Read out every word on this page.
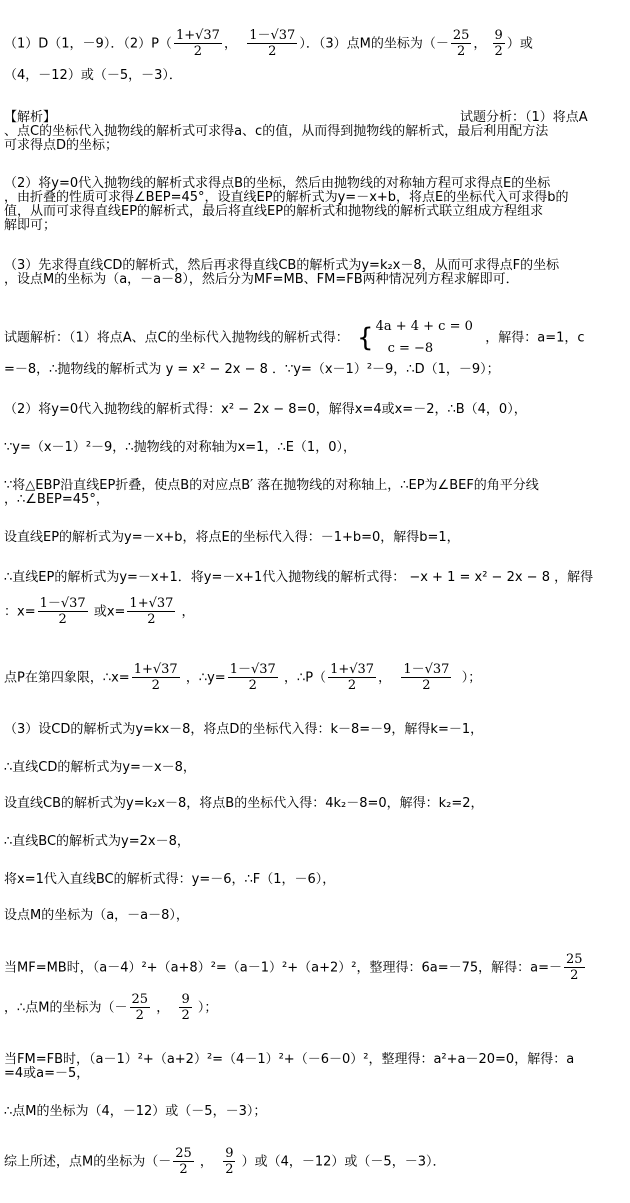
（1）D（1，－9）．$(2)P( \frac{1+√37}{2}$ ， $\frac{1-√37}{2}$ ）．（3）点M的坐标为（－ $\frac{25}{2}$ ， $\frac{9}{2}$ ）或
（4，－12）或（－5，－3）．
【解析】	试题分析：（1）将点A
、点C的坐标代入抛物线的解析式可求得a、c的值，从而得到抛物线的解析式，最后利用配方法
可求得点D的坐标；
（2）将y=0代入抛物线的解析式求得点B的坐标，然后由抛物线的对称轴方程可求得点E的坐标
，由折叠的性质可求得∠BEP=45°，设直线EP的解析式为y=－x+b，将点E的坐标代入可求得b的
值，从而可求得直线EP的解析式，最后将直线EP的解析式和抛物线的解析式联立组成方程组求
解即可；
（3）先求得直线CD的解析式，然后再求得直线CB的解析式为y=k₂x－8，从而可求得点F的坐标
，设点M的坐标为（a，－a－8），然后分为MF=MB、FM=FB两种情况列方程求解即可．
试题解析：（1）将点A、点C的坐标代入抛物线的解析式得： { 4a + 4 + c = 0
c = −8
，解得：a=1，c
=－8，∴抛物线的解析式为 y = x² − 2x − 8 ．∵y=（x－1）²－9，∴D（1，－9）；
（2）将y=0代入抛物线的解析式得：x² − 2x − 8=0，解得x=4或x=－2，∴B（4，0），
∵y=（x－1）²－9，∴抛物线的对称轴为x=1，∴E（1，0），
∵将△EBP沿直线EP折叠，使点B的对应点B′ 落在抛物线的对称轴上，∴EP为∠BEF的角平分线
，∴∠BEP=45°，
设直线EP的解析式为y=－x+b，将点E的坐标代入得：－1+b=0，解得b=1，
∴直线EP的解析式为y=－x+1．将y=－x+1代入抛物线的解析式得： −x + 1 = x² − 2x − 8 ，解得
：$x= \frac{1-√37}{2}$ 或$x= \frac{1+√37}{2}$ ，
点P在第四象限，∴x= $\frac{1+√37}{2}$ ，∴y= $\frac{1-√37}{2}$ ，∴P（ $\frac{1+√37}{2}$ ， $\frac{1-√37}{2}$ ）；
（3）设CD的解析式为y=kx－8，将点D的坐标代入得：k－8=－9，解得k=－1，
∴直线CD的解析式为y=－x－8，
设直线CB的解析式为y=k₂x－8，将点B的坐标代入得：4k₂－8=0，解得：k₂=2，
∴直线BC的解析式为y=2x－8，
将x=1代入直线BC的解析式得：y=－6，∴F（1，－6），
设点M的坐标为（a，－a－8），
当MF=MB时，（a－4）²+（a+8）²=（a－1）²+（a+2）²，整理得：6a=－75，解得：$a=- \frac{25}{2}$
，∴点M的坐标为（－ $\frac{25}{2}$ ， $\frac{9}{2}$ ）；
当FM=FB时，（a－1）²+（a+2）²=（4－1）²+（－6－0）²，整理得：a²+a－20=0，解得：a
=4或a=－5，
∴点M的坐标为（4，－12）或（－5，－3）；
综上所述，点M的坐标为（－ $\frac{25}{2}$ ， $\frac{9}{2}$ ）或（4，－12）或（－5，－3）．
